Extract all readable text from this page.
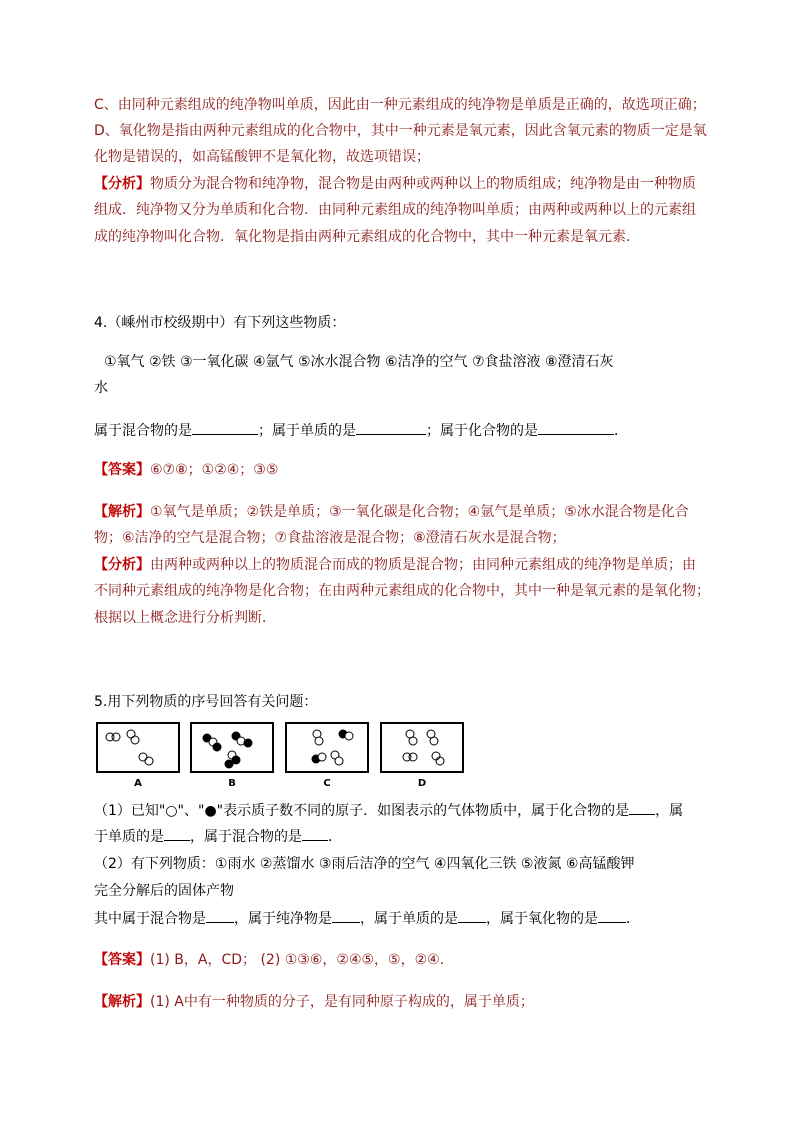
C、由同种元素组成的纯净物叫单质，因此由一种元素组成的纯净物是单质是正确的，故选项正确；
D、氧化物是指由两种元素组成的化合物中，其中一种元素是氧元素，因此含氧元素的物质一定是氧
化物是错误的，如高锰酸钾不是氧化物，故选项错误；
【分析】物质分为混合物和纯净物，混合物是由两种或两种以上的物质组成；纯净物是由一种物质
组成．纯净物又分为单质和化合物．由同种元素组成的纯净物叫单质；由两种或两种以上的元素组
成的纯净物叫化合物．氧化物是指由两种元素组成的化合物中，其中一种元素是氧元素．
4.（嵊州市校级期中）有下列这些物质：
①氧气 ②铁 ③一氧化碳 ④氩气 ⑤冰水混合物 ⑥洁净的空气 ⑦食盐溶液 ⑧澄清石灰
水
属于混合物的是	；属于单质的是	；属于化合物的是	．
【答案】⑥⑦⑧；①②④；③⑤
【解析】①氧气是单质；②铁是单质；③一氧化碳是化合物；④氩气是单质；⑤冰水混合物是化合
物；⑥洁净的空气是混合物；⑦食盐溶液是混合物；⑧澄清石灰水是混合物；
【分析】由两种或两种以上的物质混合而成的物质是混合物；由同种元素组成的纯净物是单质；由
不同种元素组成的纯净物是化合物；在由两种元素组成的化合物中，其中一种是氧元素的是氧化物；
根据以上概念进行分析判断．
5.用下列物质的序号回答有关问题：
A	B	C	D
（1）已知"○"、"●"表示质子数不同的原子．如图表示的气体物质中，属于化合物的是 ，属
于单质的是 ，属于混合物的是 ．
（2）有下列物质：①雨水 ②蒸馏水 ③雨后洁净的空气 ④四氧化三铁 ⑤液氮 ⑥高锰酸钾
完全分解后的固体产物
其中属于混合物是 ，属于纯净物是 ，属于单质的是 ，属于氧化物的是 ．
【答案】(1) B，A，CD； (2) ①③⑥，②④⑤，⑤，②④．
【解析】(1) A中有一种物质的分子，是有同种原子构成的，属于单质；
